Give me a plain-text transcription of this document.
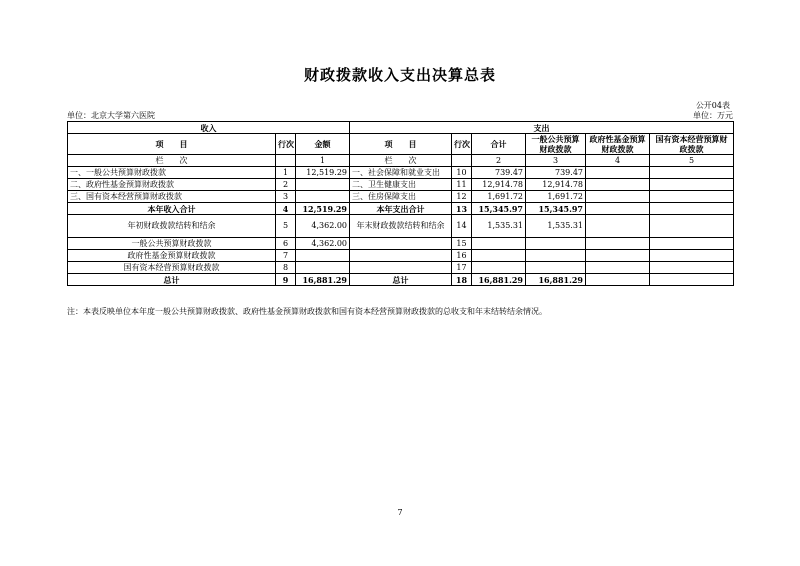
财政拨款收入支出决算总表
公开04表
单位：北京大学第六医院	单位：万元
收入			支出					
项　　目	行次	金额	项　　目	行次	合计	一般公共预算财政拨款	政府性基金预算财政拨款	国有资本经营预算财政拨款
栏　　次		1	栏　　次		2	3	4	5
一、一般公共预算财政拨款	1	12,519.29	一、社会保障和就业支出	10	739.47	739.47		
二、政府性基金预算财政拨款	2		二、卫生健康支出	11	12,914.78	12,914.78		
三、国有资本经营预算财政拨款	3		三、住房保障支出	12	1,691.72	1,691.72		
本年收入合计	4	12,519.29	本年支出合计	13	15,345.97	15,345.97		
年初财政拨款结转和结余	5	4,362.00	年末财政拨款结转和结余	14	1,535.31	1,535.31		
一般公共预算财政拨款	6	4,362.00		15				
政府性基金预算财政拨款	7			16				
国有资本经营预算财政拨款	8			17				
总计	9	16,881.29	总计	18	16,881.29	16,881.29		
注：本表反映单位本年度一般公共预算财政拨款、政府性基金预算财政拨款和国有资本经营预算财政拨款的总收支和年末结转结余情况。
7
